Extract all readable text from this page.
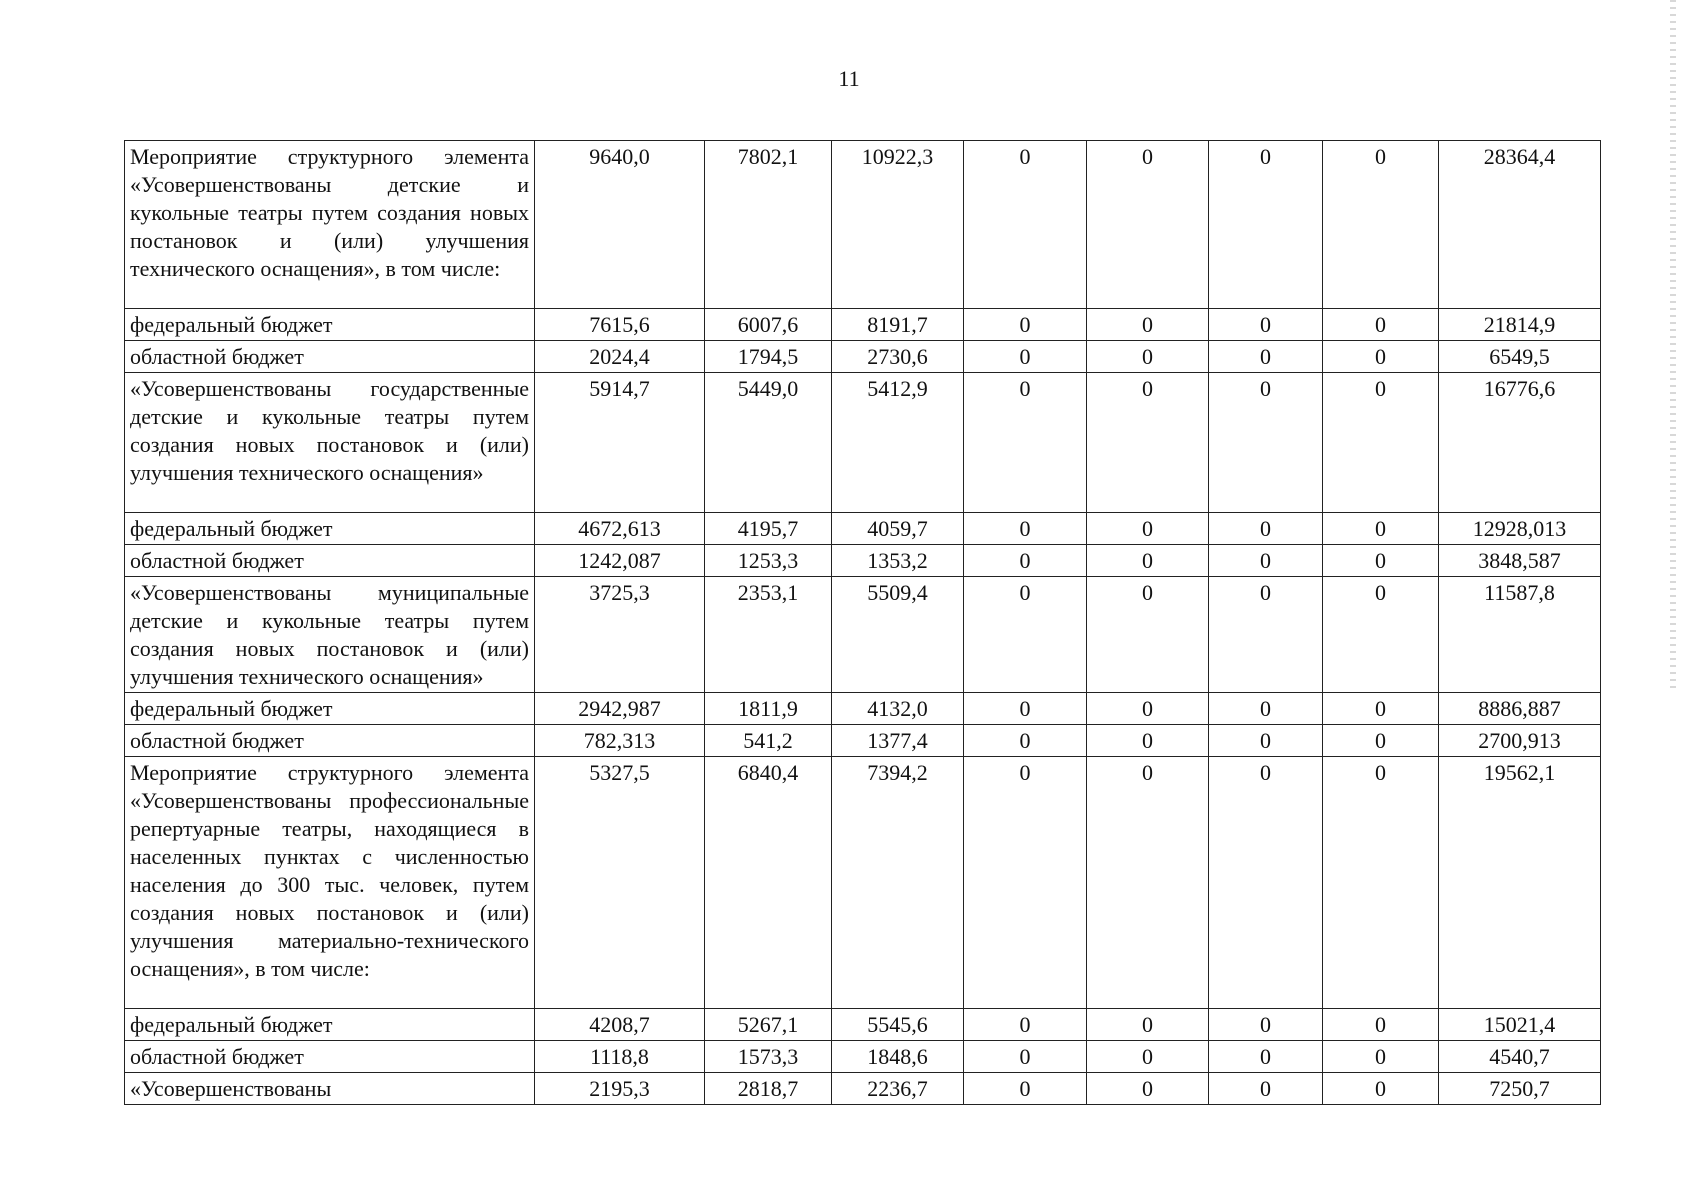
11
Мероприятие структурного элемента «Усовершенствованы детские и кукольные театры путем создания новых постановок и (или) улучшения технического оснащения», в том числе:	9640,0	7802,1	10922,3	0	0	0	0	28364,4
федеральный бюджет	7615,6	6007,6	8191,7	0	0	0	0	21814,9
областной бюджет	2024,4	1794,5	2730,6	0	0	0	0	6549,5
«Усовершенствованы государственные детские и кукольные театры путем создания новых постановок и (или) улучшения технического оснащения»	5914,7	5449,0	5412,9	0	0	0	0	16776,6
федеральный бюджет	4672,613	4195,7	4059,7	0	0	0	0	12928,013
областной бюджет	1242,087	1253,3	1353,2	0	0	0	0	3848,587
«Усовершенствованы муниципальные детские и кукольные театры путем создания новых постановок и (или) улучшения технического оснащения»	3725,3	2353,1	5509,4	0	0	0	0	11587,8
федеральный бюджет	2942,987	1811,9	4132,0	0	0	0	0	8886,887
областной бюджет	782,313	541,2	1377,4	0	0	0	0	2700,913
Мероприятие структурного элемента «Усовершенствованы профессиональные репертуарные театры, находящиеся в населенных пунктах с численностью населения до 300 тыс. человек, путем создания новых постановок и (или) улучшения материально-технического оснащения», в том числе:	5327,5	6840,4	7394,2	0	0	0	0	19562,1
федеральный бюджет	4208,7	5267,1	5545,6	0	0	0	0	15021,4
областной бюджет	1118,8	1573,3	1848,6	0	0	0	0	4540,7
«Усовершенствованы	2195,3	2818,7	2236,7	0	0	0	0	7250,7
